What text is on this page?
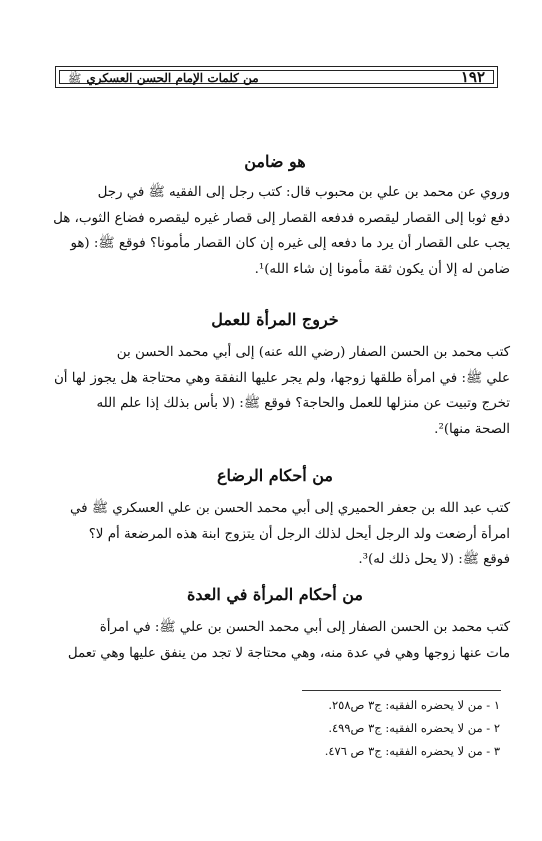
١٩٢
من كلمات الإمام الحسن العسكري ﷺ
هو ضامن
وروي عن محمد بن علي بن محبوب قال: كتب رجل إلى الفقيه ﷺ في رجل
دفع ثوبا إلى القصار ليقصره فدفعه القصار إلى قصار غيره ليقصره فضاع الثوب، هل
يجب على القصار أن يرد ما دفعه إلى غيره إن كان القصار مأمونا؟ فوقع ﷺ: (هو
ضامن له إلا أن يكون ثقة مأمونا إن شاء الله)¹.
خروج المرأة للعمل
كتب محمد بن الحسن الصفار (رضي الله عنه) إلى أبي محمد الحسن بن
علي ﷺ: في امرأة طلقها زوجها، ولم يجر عليها النفقة وهي محتاجة هل يجوز لها أن
تخرج وتبيت عن منزلها للعمل والحاجة؟ فوقع ﷺ: (لا بأس بذلك إذا علم الله
الصحة منها)².
من أحكام الرضاع
كتب عبد الله بن جعفر الحميري إلى أبي محمد الحسن بن علي العسكري ﷺ في
امرأة أرضعت ولد الرجل أيحل لذلك الرجل أن يتزوج ابنة هذه المرضعة أم لا؟
فوقع ﷺ: (لا يحل ذلك له)³.
من أحكام المرأة في العدة
كتب محمد بن الحسن الصفار إلى أبي محمد الحسن بن علي ﷺ: في امرأة
مات عنها زوجها وهي في عدة منه، وهي محتاجة لا تجد من ينفق عليها وهي تعمل

١ - من لا يحضره الفقيه: ج٣ ص٢٥٨.

٢ - من لا يحضره الفقيه: ج٣ ص٤٩٩.

٣ - من لا يحضره الفقيه: ج٣ ص ٤٧٦.
